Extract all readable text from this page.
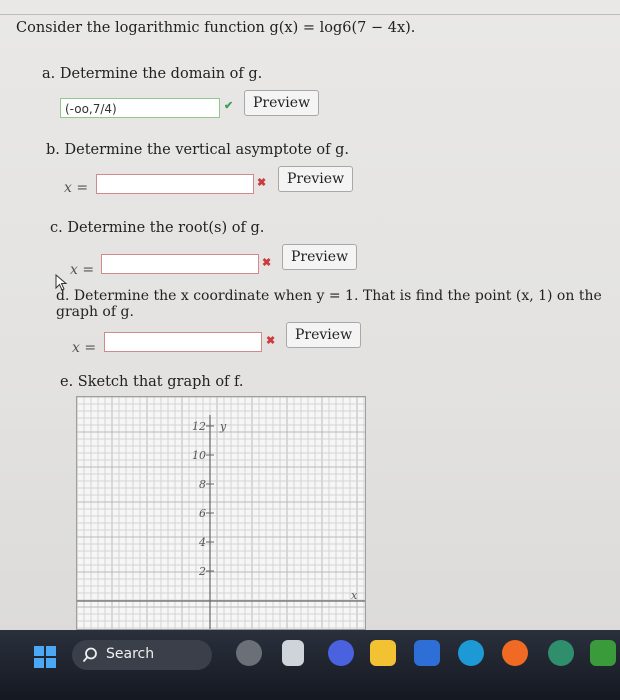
Consider the logarithmic function g(x) = log6(7 − 4x).
a. Determine the domain of g.
(-oo,7/4)	✔	Preview
b. Determine the vertical asymptote of g.
x =	✖	Preview
c. Determine the root(s) of g.
x =	✖	Preview
d. Determine the x coordinate when y = 1. That is find the point (x, 1) on the graph of g.
x =	✖	Preview
e. Sketch that graph of f.
y
x
12
10
8
6
4
2
Search
